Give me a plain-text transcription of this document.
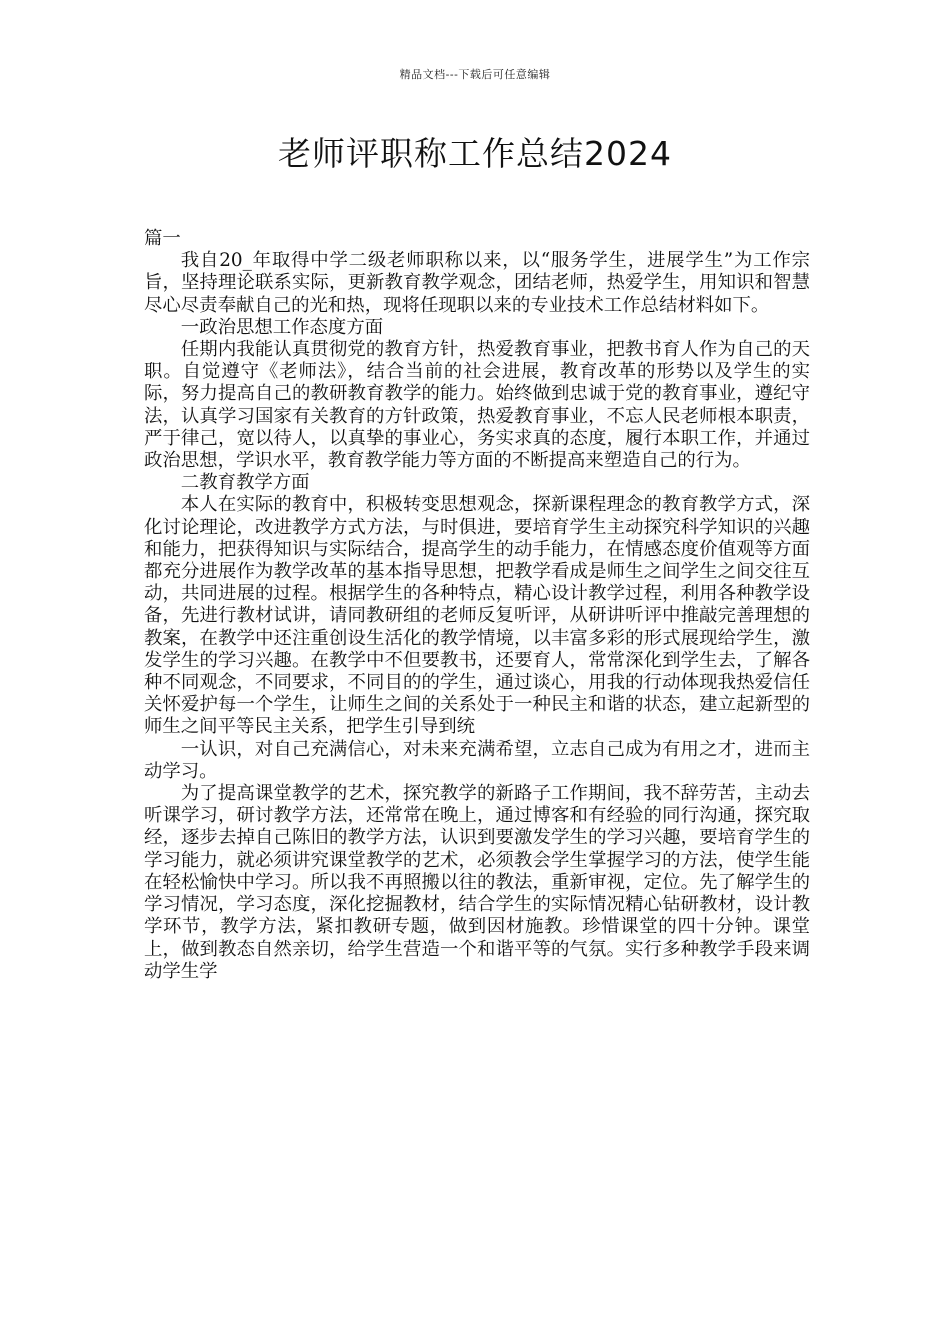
精品文档---下载后可任意编辑
老师评职称工作总结2024

篇一

我自20_年取得中学二级老师职称以来，以“服务学生，进展学生”为工作宗旨，坚持理论联系实际，更新教育教学观念，团结老师，热爱学生，用知识和智慧尽心尽责奉献自己的光和热，现将任现职以来的专业技术工作总结材料如下。

一政治思想工作态度方面

任期内我能认真贯彻党的教育方针，热爱教育事业，把教书育人作为自己的天职。自觉遵守《老师法》，结合当前的社会进展，教育改革的形势以及学生的实际，努力提高自己的教研教育教学的能力。始终做到忠诚于党的教育事业，遵纪守法，认真学习国家有关教育的方针政策，热爱教育事业，不忘人民老师根本职责，严于律己，宽以待人，以真挚的事业心，务实求真的态度，履行本职工作，并通过政治思想，学识水平，教育教学能力等方面的不断提高来塑造自己的行为。

二教育教学方面

本人在实际的教育中，积极转变思想观念，探新课程理念的教育教学方式，深化讨论理论，改进教学方式方法，与时俱进，要培育学生主动探究科学知识的兴趣和能力，把获得知识与实际结合，提高学生的动手能力，在情感态度价值观等方面都充分进展作为教学改革的基本指导思想，把教学看成是师生之间学生之间交往互动，共同进展的过程。根据学生的各种特点，精心设计教学过程，利用各种教学设备，先进行教材试讲，请同教研组的老师反复听评，从研讲听评中推敲完善理想的教案，在教学中还注重创设生活化的教学情境，以丰富多彩的形式展现给学生，激发学生的学习兴趣。在教学中不但要教书，还要育人，常常深化到学生去，了解各种不同观念，不同要求，不同目的的学生，通过谈心，用我的行动体现我热爱信任关怀爱护每一个学生，让师生之间的关系处于一种民主和谐的状态，建立起新型的师生之间平等民主关系，把学生引导到统

一认识，对自己充满信心，对未来充满希望，立志自己成为有用之才，进而主动学习。

为了提高课堂教学的艺术，探究教学的新路子工作期间，我不辞劳苦，主动去听课学习，研讨教学方法，还常常在晚上，通过博客和有经验的同行沟通，探究取经，逐步去掉自己陈旧的教学方法，认识到要激发学生的学习兴趣，要培育学生的学习能力，就必须讲究课堂教学的艺术，必须教会学生掌握学习的方法，使学生能在轻松愉快中学习。所以我不再照搬以往的教法，重新审视，定位。先了解学生的学习情况，学习态度，深化挖掘教材，结合学生的实际情况精心钻研教材，设计教学环节，教学方法，紧扣教研专题，做到因材施教。珍惜课堂的四十分钟。课堂上，做到教态自然亲切，给学生营造一个和谐平等的气氛。实行多种教学手段来调动学生学
